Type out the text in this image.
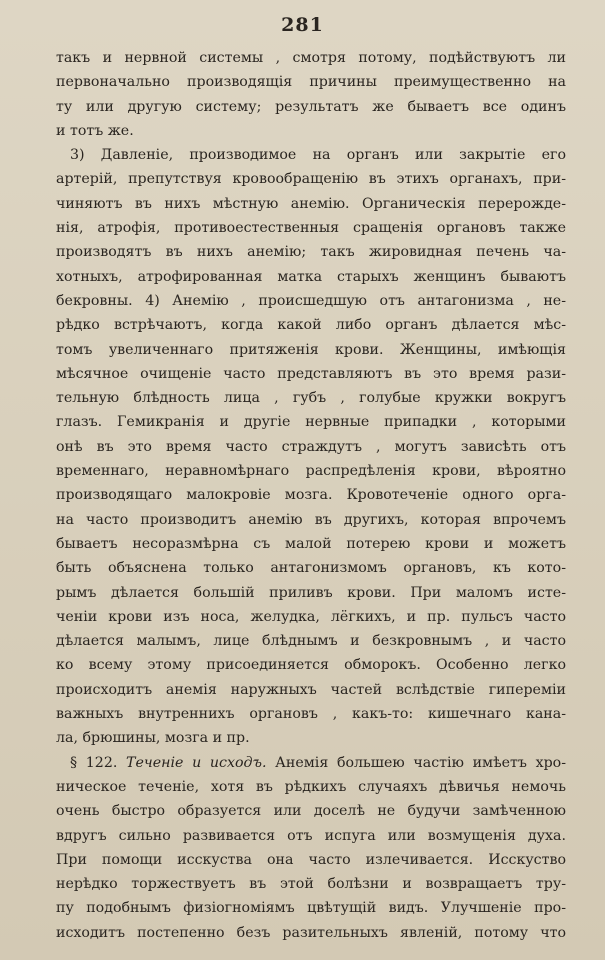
281
такъ и нервной системы , смотря потому, подѣйствуютъ ли
первоначально производящія причины преимущественно на
ту или другую систему; результатъ же бываетъ все одинъ
и тотъ же.
3) Давленіе, производимое на органъ или закрытіе его
артерій, препутствуя кровообращенію въ этихъ органахъ, при-
чиняютъ въ нихъ мѣстную анемію. Органическія перерожде-
нія, атрофія, противоестественныя сращенія органовъ также
производятъ въ нихъ анемію; такъ жировидная печень ча-
хотныхъ, атрофированная матка старыхъ женщинъ бываютъ
бекровны. 4) Анемію , происшедшую отъ антагонизма , не-
рѣдко встрѣчаютъ, когда какой либо органъ дѣлается мѣс-
томъ увеличеннаго притяженія крови. Женщины, имѣющія
мѣсячное очищеніе часто представляютъ въ это время рази-
тельную блѣдность лица , губъ , голубые кружки вокругъ
глазъ. Гемикранія и другіе нервные припадки , которыми
онѣ въ это время часто страждутъ , могутъ зависѣть отъ
временнаго, неравномѣрнаго распредѣленія крови, вѣроятно
производящаго малокровіе мозга. Кровотеченіе одного орга-
на часто производитъ анемію въ другихъ, которая впрочемъ
бываетъ несоразмѣрна съ малой потерею крови и можетъ
быть объяснена только антагонизмомъ органовъ, къ кото-
рымъ дѣлается большій приливъ крови. При маломъ исте-
ченіи крови изъ носа, желудка, лёгкихъ, и пр. пульсъ часто
дѣлается малымъ, лице блѣднымъ и безкровнымъ , и часто
ко всему этому присоединяется обморокъ. Особенно легко
происходитъ анемія наружныхъ частей вслѣдствіе гипереміи
важныхъ внутреннихъ органовъ , какъ-то: кишечнаго кана-
ла, брюшины, мозга и пр.
§ 122. Теченіе и исходъ. Анемія большею частію имѣетъ хро-
ническое теченіе, хотя въ рѣдкихъ случаяхъ дѣвичья немочь
очень быстро образуется или доселѣ не будучи замѣченною
вдругъ сильно развивается отъ испуга или возмущенія духа.
При помощи исскуства она часто излечивается. Исскуство
нерѣдко торжествуетъ въ этой болѣзни и возвращаетъ тру-
пу подобнымъ физіогноміямъ цвѣтущій видъ. Улучшеніе про-
исходитъ постепенно безъ разительныхъ явленій, потому что
